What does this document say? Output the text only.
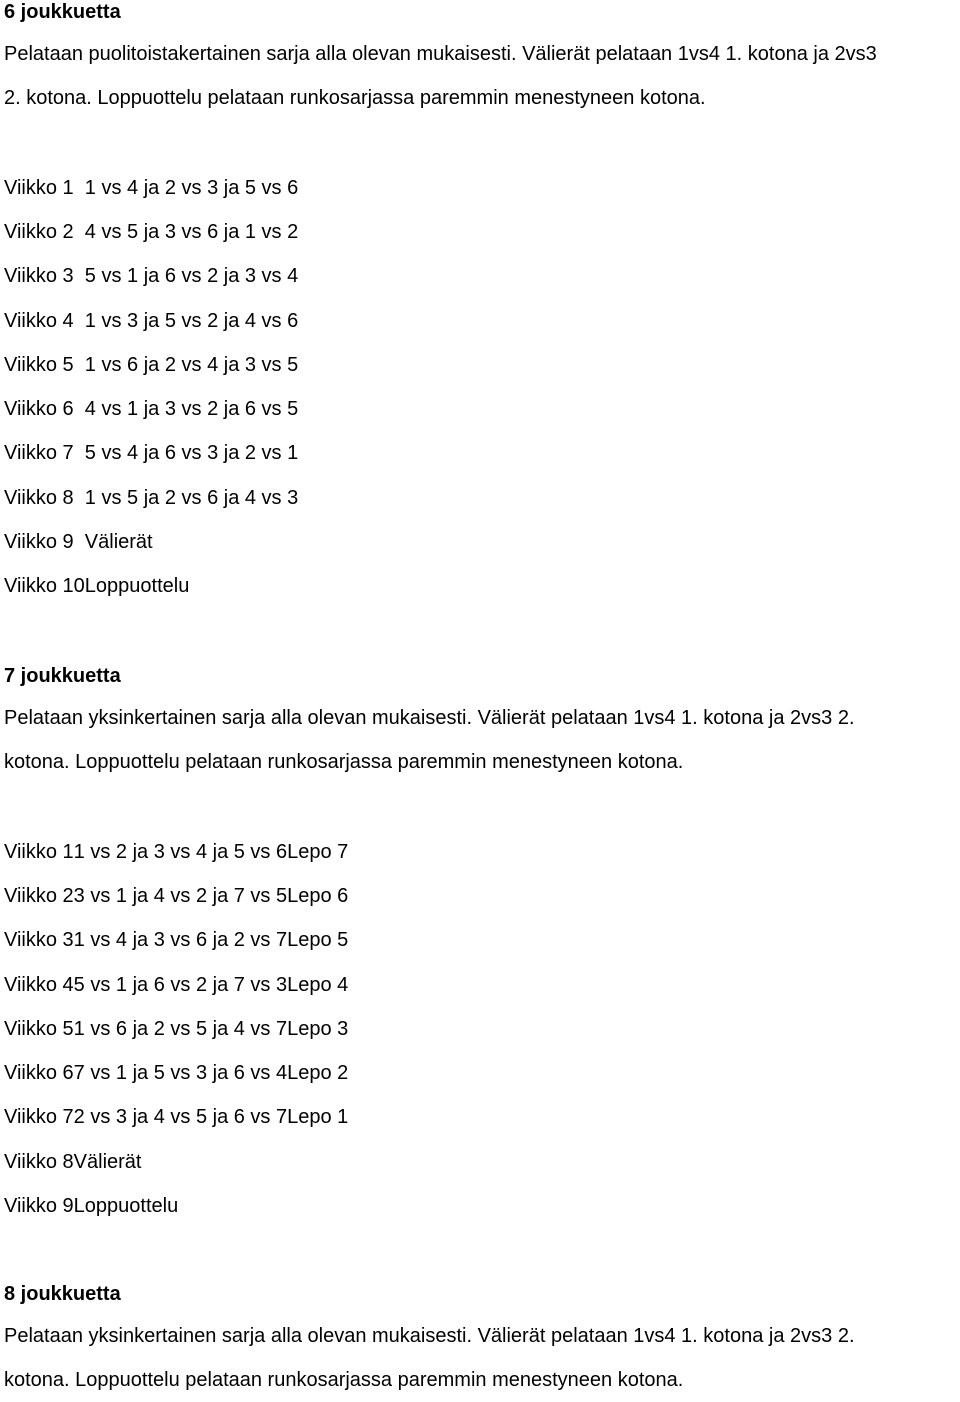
6 joukkuetta

Pelataan puolitoistakertainen sarja alla olevan mukaisesti. Välierät pelataan 1vs4 1. kotona ja 2vs3

2. kotona. Loppuottelu pelataan runkosarjassa paremmin menestyneen kotona.

Viikko 1	1 vs 4 ja 2 vs 3 ja 5 vs 6
Viikko 2	4 vs 5 ja 3 vs 6 ja 1 vs 2
Viikko 3	5 vs 1 ja 6 vs 2 ja 3 vs 4
Viikko 4	1 vs 3 ja 5 vs 2 ja 4 vs 6
Viikko 5	1 vs 6 ja 2 vs 4 ja 3 vs 5
Viikko 6	4 vs 1 ja 3 vs 2 ja 6 vs 5
Viikko 7	5 vs 4 ja 6 vs 3 ja 2 vs 1
Viikko 8	1 vs 5 ja 2 vs 6 ja 4 vs 3
Viikko 9	Välierät
Viikko 10	Loppuottelu

7 joukkuetta

Pelataan yksinkertainen sarja alla olevan mukaisesti. Välierät pelataan 1vs4 1. kotona ja 2vs3 2.

kotona. Loppuottelu pelataan runkosarjassa paremmin menestyneen kotona.

Viikko 1	1 vs 2 ja 3 vs 4 ja 5 vs 6	Lepo 7
Viikko 2	3 vs 1 ja 4 vs 2 ja 7 vs 5	Lepo 6
Viikko 3	1 vs 4 ja 3 vs 6 ja 2 vs 7	Lepo 5
Viikko 4	5 vs 1 ja 6 vs 2 ja 7 vs 3	Lepo 4
Viikko 5	1 vs 6 ja 2 vs 5 ja 4 vs 7	Lepo 3
Viikko 6	7 vs 1 ja 5 vs 3 ja 6 vs 4	Lepo 2
Viikko 7	2 vs 3 ja 4 vs 5 ja 6 vs 7	Lepo 1
Viikko 8	Välierät	
Viikko 9	Loppuottelu	

8 joukkuetta

Pelataan yksinkertainen sarja alla olevan mukaisesti. Välierät pelataan 1vs4 1. kotona ja 2vs3 2.

kotona. Loppuottelu pelataan runkosarjassa paremmin menestyneen kotona.
